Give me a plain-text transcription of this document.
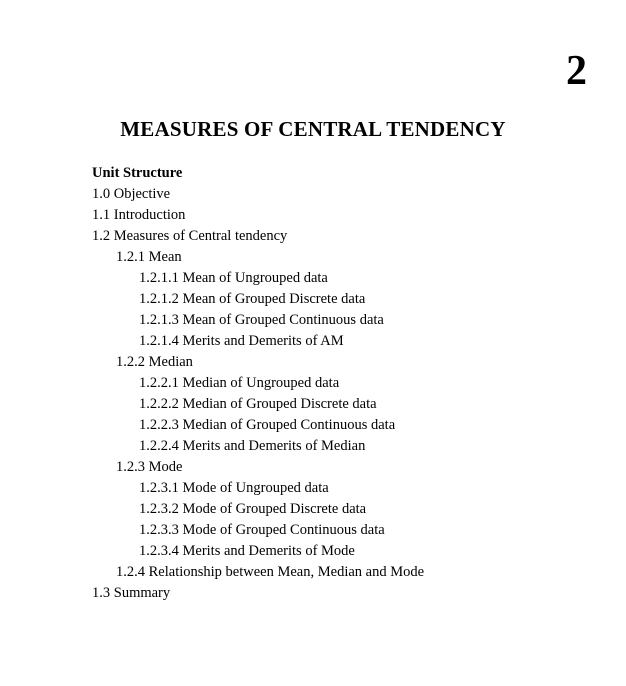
2
MEASURES OF CENTRAL TENDENCY
Unit Structure
1.0 Objective
1.1 Introduction
1.2 Measures of Central tendency
1.2.1 Mean
1.2.1.1 Mean of Ungrouped data
1.2.1.2 Mean of Grouped Discrete data
1.2.1.3 Mean of Grouped Continuous data
1.2.1.4 Merits and Demerits of AM
1.2.2 Median
1.2.2.1 Median of Ungrouped data
1.2.2.2 Median of Grouped Discrete data
1.2.2.3 Median of Grouped Continuous data
1.2.2.4 Merits and Demerits of Median
1.2.3 Mode
1.2.3.1 Mode of Ungrouped data
1.2.3.2 Mode of Grouped Discrete data
1.2.3.3 Mode of Grouped Continuous data
1.2.3.4 Merits and Demerits of Mode
1.2.4 Relationship between Mean, Median and Mode
1.3 Summary
